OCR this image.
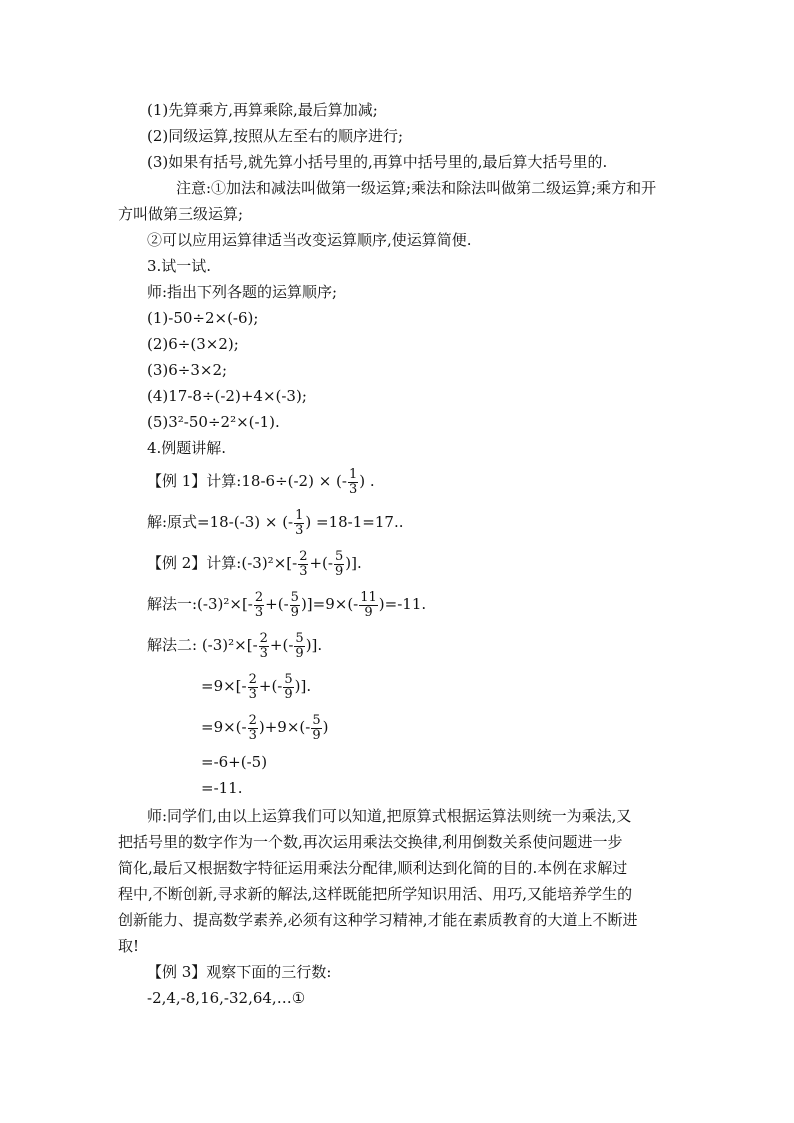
(1)先算乘方,再算乘除,最后算加减;
(2)同级运算,按照从左至右的顺序进行;
(3)如果有括号,就先算小括号里的,再算中括号里的,最后算大括号里的.
注意:①加法和减法叫做第一级运算;乘法和除法叫做第二级运算;乘方和开
方叫做第三级运算;
②可以应用运算律适当改变运算顺序,使运算简便.
3.试一试.
师:指出下列各题的运算顺序;
(1)-50÷2×(-6);
(2)6÷(3×2);
(3)6÷3×2;
(4)17-8÷(-2)+4×(-3);
(5)3²-50÷2²×(-1).
4.例题讲解.
【例 1】计算:18-6÷(-2) × (- $\frac{1}{3}$ ) .
解:原式=18-(-3) × (- $\frac{1}{3}$ ) =18-1=17..
【例 2】计算:(-3)²×[- $\frac{2}{3}$ +(- $\frac{5}{9}$ )].
解法一:(-3)²×[- $\frac{2}{3}$ +(- $\frac{5}{9} )]=9\times(- \frac{11}{9} )=-11$.
解法二: $(-3)^2\times[- \frac{2}{3}$ +(- $\frac{5}{9}$ )].
$=9\times[- \frac{2}{3}$ +(- $\frac{5}{9}$ )].
$=9\times(- \frac{2}{3} )+9\times(- \frac{5}{9}$ )
=-6+(-5)
=-11.
师:同学们,由以上运算我们可以知道,把原算式根据运算法则统一为乘法,又
把括号里的数字作为一个数,再次运用乘法交换律,利用倒数关系使问题进一步
简化,最后又根据数字特征运用乘法分配律,顺利达到化简的目的.本例在求解过
程中,不断创新,寻求新的解法,这样既能把所学知识用活、用巧,又能培养学生的
创新能力、提高数学素养,必须有这种学习精神,才能在素质教育的大道上不断进
取!
【例 3】观察下面的三行数:
-2,4,-8,16,-32,64,…①
